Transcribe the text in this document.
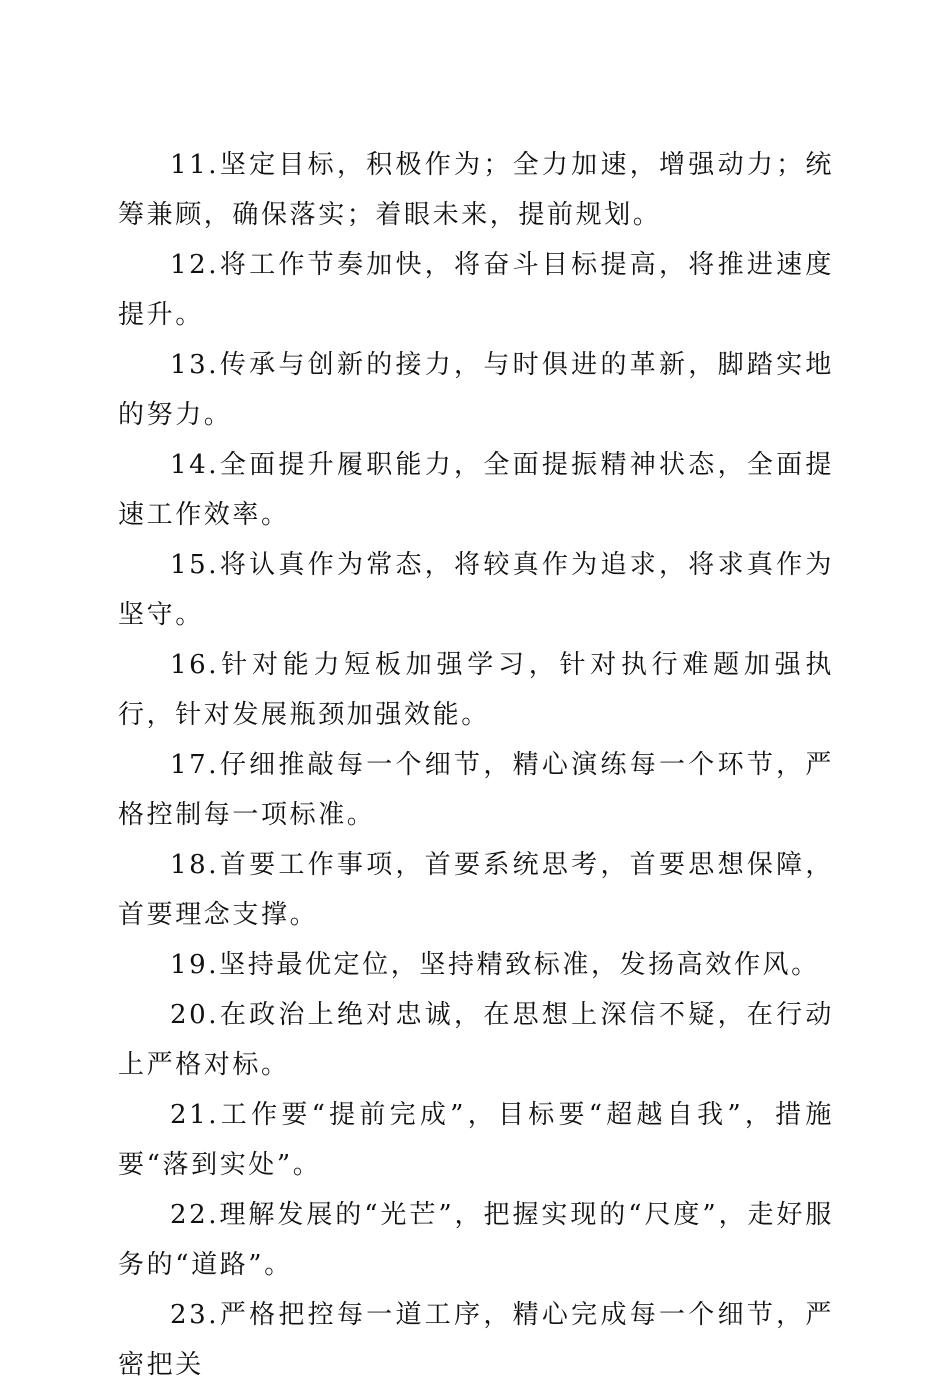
11.坚定目标，积极作为；全力加速，增强动力；统筹兼顾，确保落实；着眼未来，提前规划。

12.将工作节奏加快，将奋斗目标提高，将推进速度提升。

13.传承与创新的接力，与时俱进的革新，脚踏实地的努力。

14.全面提升履职能力，全面提振精神状态，全面提速工作效率。

15.将认真作为常态，将较真作为追求，将求真作为坚守。

16.针对能力短板加强学习，针对执行难题加强执行，针对发展瓶颈加强效能。

17.仔细推敲每一个细节，精心演练每一个环节，严格控制每一项标准。

18.首要工作事项，首要系统思考，首要思想保障，首要理念支撑。

19.坚持最优定位，坚持精致标准，发扬高效作风。

20.在政治上绝对忠诚，在思想上深信不疑，在行动上严格对标。

21.工作要“提前完成”，目标要“超越自我”，措施要“落到实处”。

22.理解发展的“光芒”，把握实现的“尺度”，走好服务的“道路”。

23.严格把控每一道工序，精心完成每一个细节，严密把关
